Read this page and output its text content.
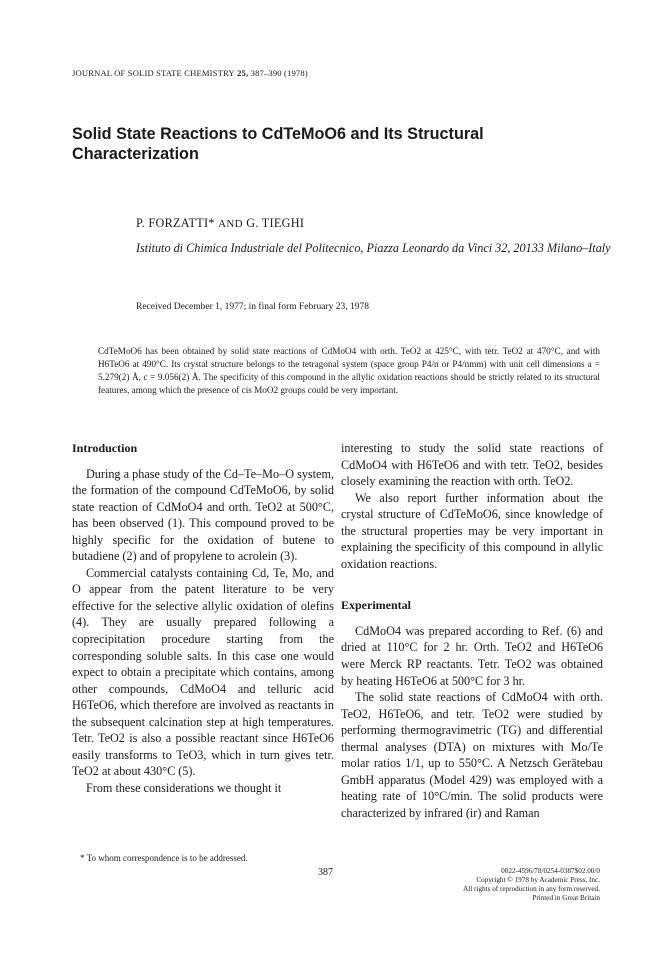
JOURNAL OF SOLID STATE CHEMISTRY 25, 387–390 (1978)
Solid State Reactions to CdTeMoO6 and Its Structural Characterization
P. FORZATTI* AND G. TIEGHI
Istituto di Chimica Industriale del Politecnico, Piazza Leonardo da Vinci 32, 20133 Milano–Italy
Received December 1, 1977; in final form February 23, 1978
CdTeMoO6 has been obtained by solid state reactions of CdMoO4 with orth. TeO2 at 425°C, with tetr. TeO2 at 470°C, and with H6TeO6 at 490°C. Its crystal structure belongs to the tetragonal system (space group P4/n or P4/nmm) with unit cell dimensions a = 5.279(2) Å, c = 9.056(2) Å. The specificity of this compound in the allylic oxidation reactions should be strictly related to its structural features, among which the presence of cis MoO2 groups could be very important.
Introduction

During a phase study of the Cd–Te–Mo–O system, the formation of the compound CdTeMoO6, by solid state reaction of CdMoO4 and orth. TeO2 at 500°C, has been observed (1). This compound proved to be highly specific for the oxidation of butene to butadiene (2) and of propylene to acrolein (3).

Commercial catalysts containing Cd, Te, Mo, and O appear from the patent literature to be very effective for the selective allylic oxidation of olefins (4). They are usually prepared following a coprecipitation procedure starting from the corresponding soluble salts. In this case one would expect to obtain a precipitate which contains, among other compounds, CdMoO4 and telluric acid H6TeO6, which therefore are involved as reactants in the subsequent calcination step at high temperatures. Tetr. TeO2 is also a possible reactant since H6TeO6 easily transforms to TeO3, which in turn gives tetr. TeO2 at about 430°C (5).

From these considerations we thought it

interesting to study the solid state reactions of CdMoO4 with H6TeO6 and with tetr. TeO2, besides closely examining the reaction with orth. TeO2.

We also report further information about the crystal structure of CdTeMoO6, since knowledge of the structural properties may be very important in explaining the specificity of this compound in allylic oxidation reactions.

Experimental

CdMoO4 was prepared according to Ref. (6) and dried at 110°C for 2 hr. Orth. TeO2 and H6TeO6 were Merck RP reactants. Tetr. TeO2 was obtained by heating H6TeO6 at 500°C for 3 hr.

The solid state reactions of CdMoO4 with orth. TeO2, H6TeO6, and tetr. TeO2 were studied by performing thermogravimetric (TG) and differential thermal analyses (DTA) on mixtures with Mo/Te molar ratios 1/1, up to 550°C. A Netzsch Gerätebau GmbH apparatus (Model 429) was employed with a heating rate of 10°C/min. The solid products were characterized by infrared (ir) and Raman

* To whom correspondence is to be addressed.
387	0022-4596/78/0254-0387$02.00/0
Copyright © 1978 by Academic Press, Inc.
All rights of reproduction in any form reserved.
Printed in Great Britain
